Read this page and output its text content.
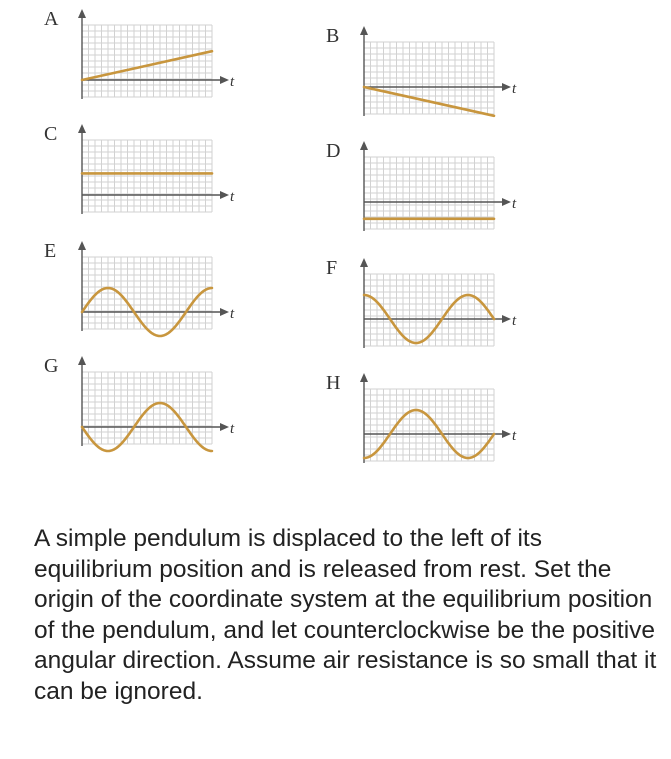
A
t
B
t
C
t
D
t
E
t
F
t
G
t
H
t

A simple pendulum is displaced to the left of its equilibrium position and is released from rest. Set the origin of the coordinate system at the equilibrium position of the pendulum, and let counterclockwise be the positive angular direction. Assume air resistance is so small that it can be ignored.
